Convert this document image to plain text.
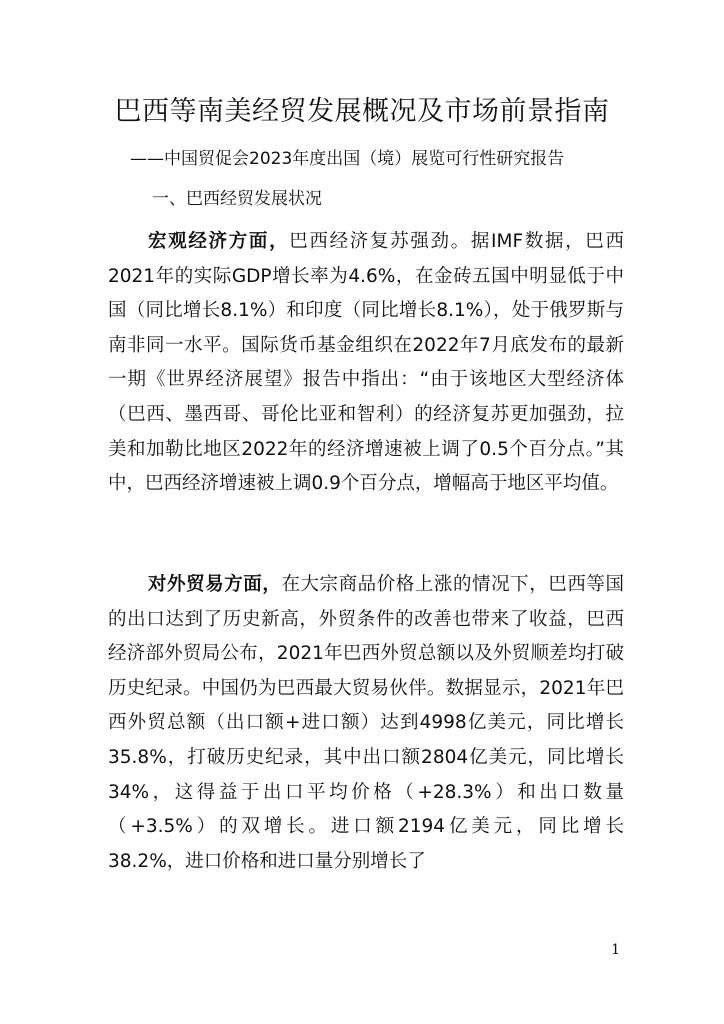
巴西等南美经贸发展概况及市场前景指南

——中国贸促会2023年度出国（境）展览可行性研究报告

一、巴西经贸发展状况

宏观经济方面，巴西经济复苏强劲。据IMF数据，巴西2021年的实际GDP增长率为4.6%，在金砖五国中明显低于中国（同比增长8.1%）和印度（同比增长8.1%），处于俄罗斯与南非同一水平。国际货币基金组织在2022年7月底发布的最新一期《世界经济展望》报告中指出：“由于该地区大型经济体（巴西、墨西哥、哥伦比亚和智利）的经济复苏更加强劲，拉美和加勒比地区2022年的经济增速被上调了0.5个百分点。”其中，巴西经济增速被上调0.9个百分点，增幅高于地区平均值。

对外贸易方面，在大宗商品价格上涨的情况下，巴西等国的出口达到了历史新高，外贸条件的改善也带来了收益，巴西经济部外贸局公布，2021年巴西外贸总额以及外贸顺差均打破历史纪录。中国仍为巴西最大贸易伙伴。数据显示，2021年巴西外贸总额（出口额+进口额）达到4998亿美元，同比增长35.8%，打破历史纪录，其中出口额2804亿美元，同比增长34%，这得益于出口平均价格（+28.3%）和出口数量（+3.5%）的双增长。进口额2194亿美元，同比增长38.2%，进口价格和进口量分别增长了

1
